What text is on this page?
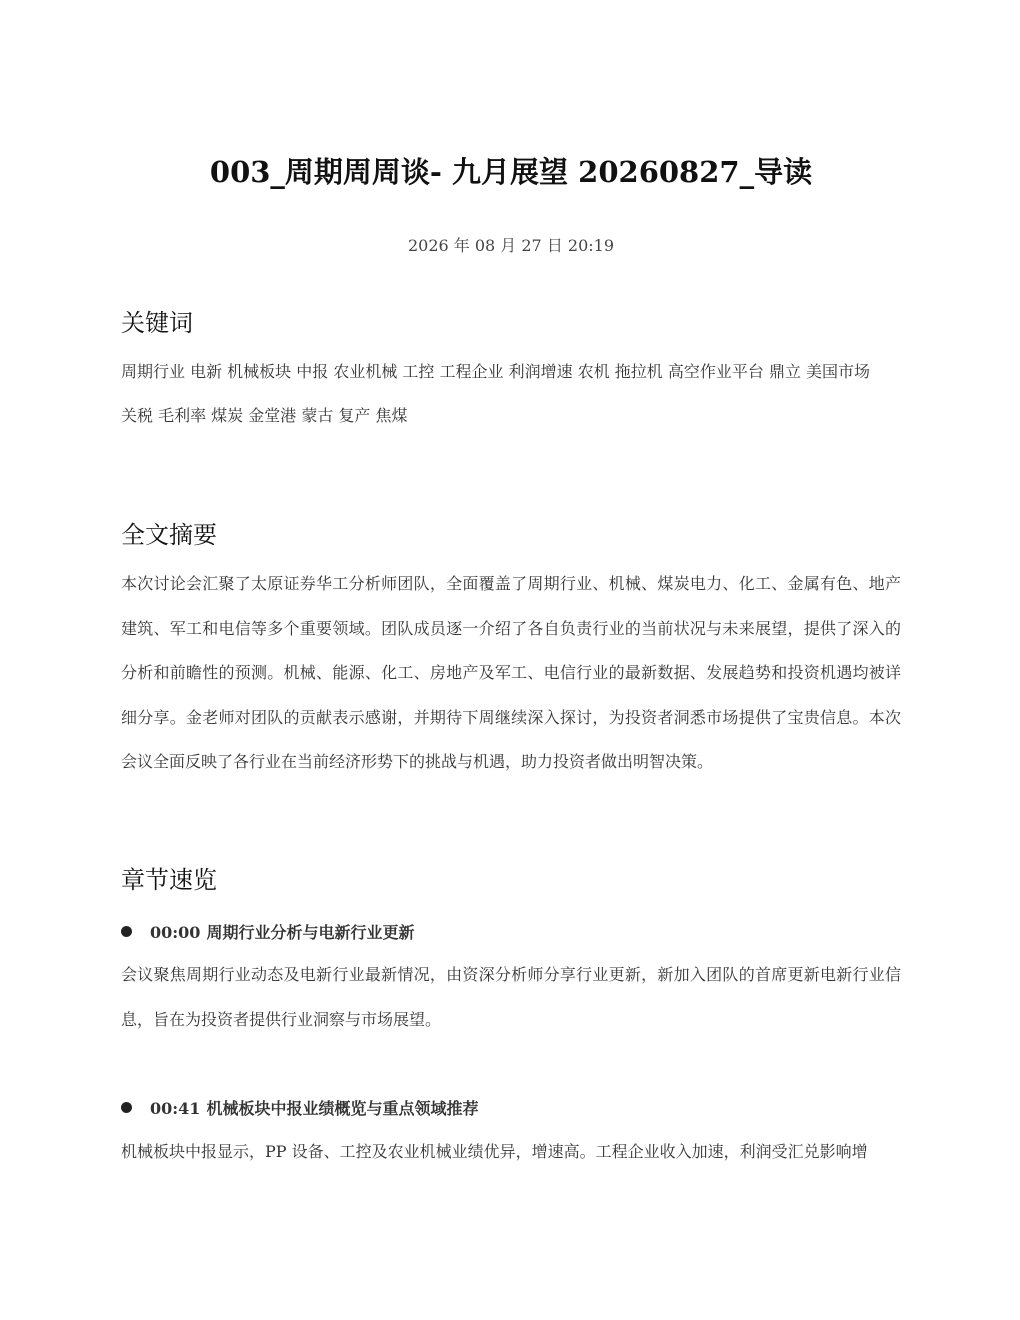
003_周期周周谈- 九月展望 20260827_导读
2026 年 08 月 27 日 20:19
关键词

周期行业 电新 机械板块 中报 农业机械 工控 工程企业 利润增速 农机 拖拉机 高空作业平台 鼎立 美国市场

关税 毛利率 煤炭 金堂港 蒙古 复产 焦煤

全文摘要

本次讨论会汇聚了太原证券华工分析师团队，全面覆盖了周期行业、机械、煤炭电力、化工、金属有色、地产建筑、军工和电信等多个重要领域。团队成员逐一介绍了各自负责行业的当前状况与未来展望，提供了深入的分析和前瞻性的预测。机械、能源、化工、房地产及军工、电信行业的最新数据、发展趋势和投资机遇均被详细分享。金老师对团队的贡献表示感谢，并期待下周继续深入探讨，为投资者洞悉市场提供了宝贵信息。本次会议全面反映了各行业在当前经济形势下的挑战与机遇，助力投资者做出明智决策。

章节速览
00:00 周期行业分析与电新行业更新

会议聚焦周期行业动态及电新行业最新情况，由资深分析师分享行业更新，新加入团队的首席更新电新行业信息，旨在为投资者提供行业洞察与市场展望。

00:41 机械板块中报业绩概览与重点领域推荐

机械板块中报显示，PP 设备、工控及农业机械业绩优异，增速高。工程企业收入加速，利润受汇兑影响增
